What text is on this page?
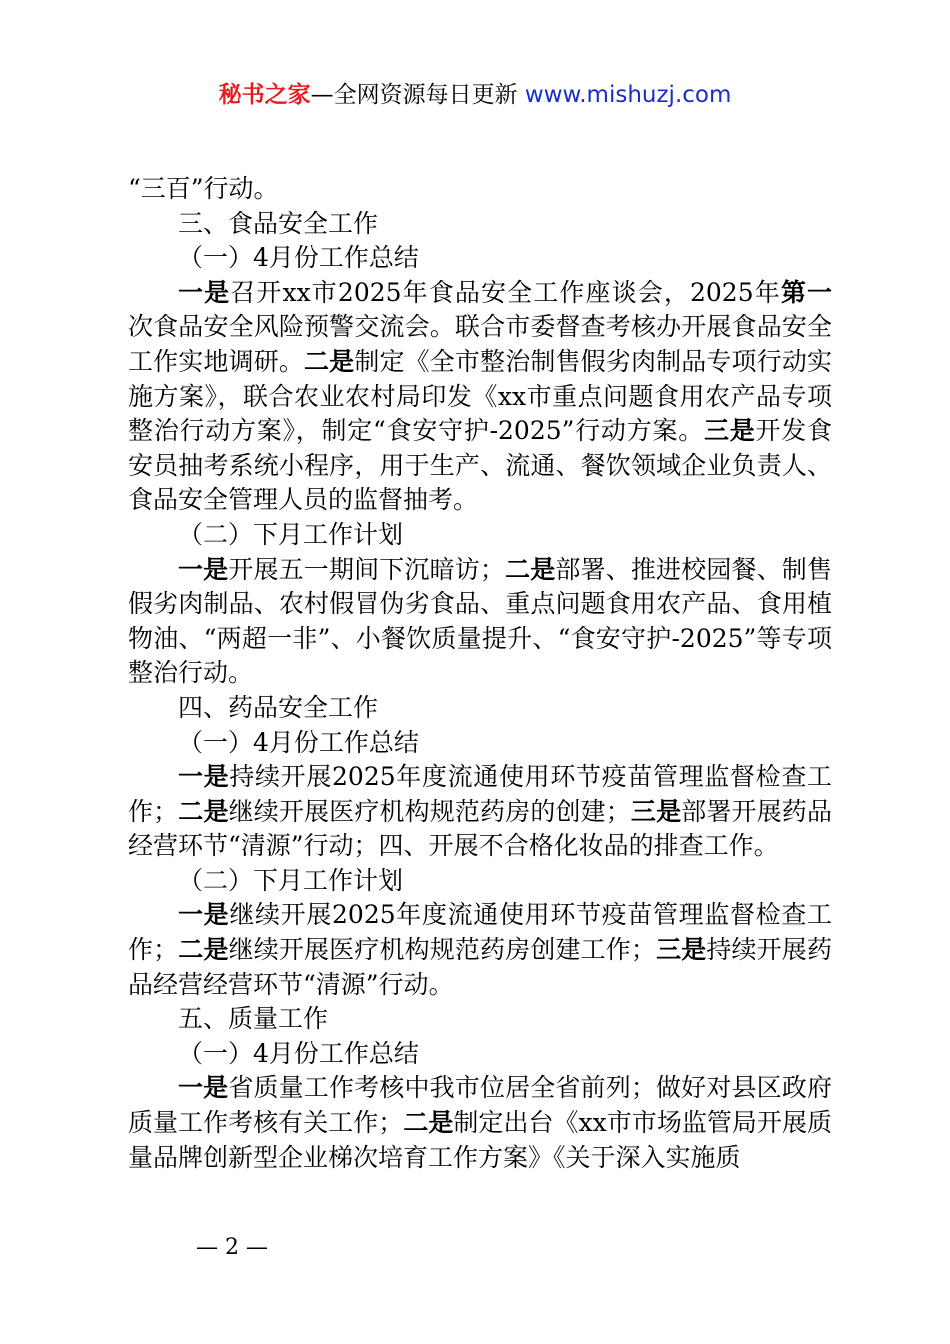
秘书之家—全网资源每日更新 www.mishuzj.com

“三百”行动。

三、食品安全工作

（一）4月份工作总结

一是召开xx市2025年食品安全工作座谈会，2025年第一次食品安全风险预警交流会。联合市委督查考核办开展食品安全工作实地调研。二是制定《全市整治制售假劣肉制品专项行动实施方案》，联合农业农村局印发《xx市重点问题食用农产品专项整治行动方案》，制定“食安守护-2025”行动方案。三是开发食安员抽考系统小程序，用于生产、流通、餐饮领域企业负责人、食品安全管理人员的监督抽考。

（二）下月工作计划

一是开展五一期间下沉暗访；二是部署、推进校园餐、制售假劣肉制品、农村假冒伪劣食品、重点问题食用农产品、食用植物油、“两超一非”、小餐饮质量提升、“食安守护-2025”等专项整治行动。

四、药品安全工作

（一）4月份工作总结

一是持续开展2025年度流通使用环节疫苗管理监督检查工作；二是继续开展医疗机构规范药房的创建；三是部署开展药品经营环节“清源”行动；四、开展不合格化妆品的排查工作。

（二）下月工作计划

一是继续开展2025年度流通使用环节疫苗管理监督检查工作；二是继续开展医疗机构规范药房创建工作；三是持续开展药品经营经营环节“清源”行动。

五、质量工作

（一）4月份工作总结

一是省质量工作考核中我市位居全省前列；做好对县区政府质量工作考核有关工作；二是制定出台《xx市市场监管局开展质量品牌创新型企业梯次培育工作方案》《关于深入实施质

— 2 —
